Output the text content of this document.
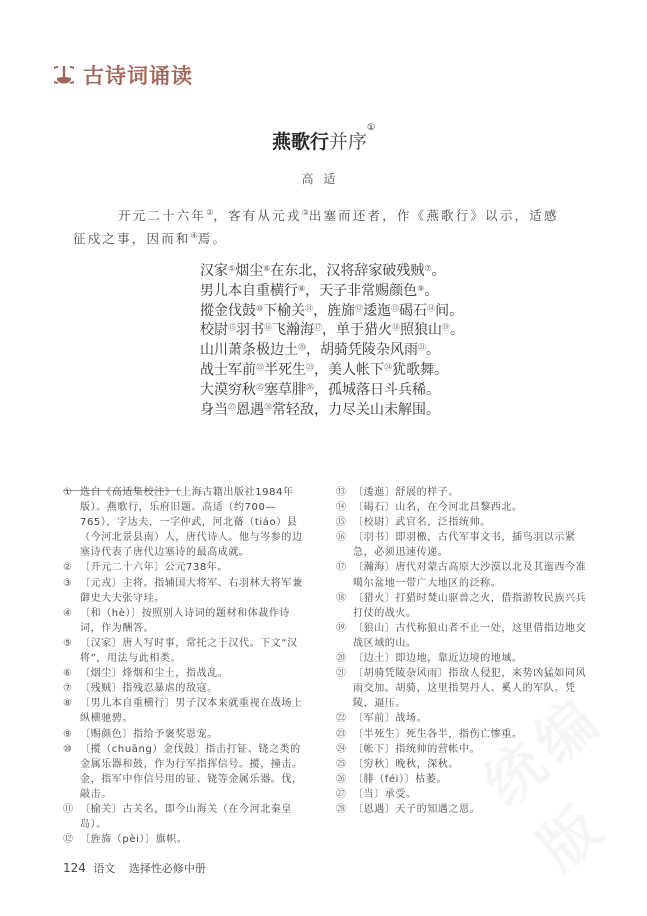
古诗词诵读
燕歌行并序①
高适
开元二十六年②，客有从元戎③出塞而还者，作《燕歌行》以示，适感征戍之事，因而和④焉。
汉家⑤烟尘⑥在东北，汉将辞家破残贼⑦。
男儿本自重横行⑧，天子非常赐颜色⑨。
摐金伐鼓⑩下榆关⑪，旌旆⑫逶迤⑬碣石⑭间。
校尉⑮羽书⑯飞瀚海⑰，单于猎火⑱照狼山⑲。
山川萧条极边土⑳，胡骑凭陵杂风雨$^㉑$。
战士军前$^㉒$半死生$^㉓$，美人帐下$^㉔$犹歌舞。
大漠穷秋$^㉕$塞草腓$^㉖$，孤城落日斗兵稀。
身当$^㉗$恩遇$^㉘$常轻敌，力尽关山未解围。
① 选自《高适集校注》（上海古籍出版社1984年版）。燕歌行，乐府旧题。高适（约700—765），字达夫，一字仲武，河北蓨（tiáo）县（今河北景县南）人，唐代诗人。他与岑参的边塞诗代表了唐代边塞诗的最高成就。
② 〔开元二十六年〕公元738年。
③ 〔元戎〕主将。指辅国大将军、右羽林大将军兼御史大夫张守珪。
④ 〔和（hè）〕按照别人诗词的题材和体裁作诗词，作为酬答。
⑤ 〔汉家〕唐人写时事，常托之于汉代。下文“汉将”，用法与此相类。
⑥ 〔烟尘〕烽烟和尘土，指战乱。
⑦ 〔残贼〕指残忍暴虐的敌寇。
⑧ 〔男儿本自重横行〕男子汉本来就重视在战场上纵横驰骋。
⑨ 〔赐颜色〕指给予褒奖恩宠。
⑩ 〔摐（chuāng）金伐鼓〕指击打钲、铙之类的金属乐器和鼓，作为行军指挥信号。摐，撞击。金，指军中作信号用的钲、铙等金属乐器。伐，敲击。
⑪ 〔榆关〕古关名，即今山海关（在今河北秦皇岛）。
⑫ 〔旌旆（pèi）〕旗帜。
⑬ 〔逶迤〕舒展的样子。
⑭ 〔碣石〕山名，在今河北昌黎西北。
⑮ 〔校尉〕武官名，泛指统帅。
⑯ 〔羽书〕即羽檄，古代军事文书，插鸟羽以示紧急，必须迅速传递。
⑰ 〔瀚海〕唐代对蒙古高原大沙漠以北及其迤西今准噶尔盆地一带广大地区的泛称。
⑱ 〔猎火〕打猎时焚山驱兽之火，借指游牧民族兴兵打仗的战火。
⑲ 〔狼山〕古代称狼山者不止一处，这里借指边地交战区域的山。
⑳ 〔边土〕即边地，靠近边境的地域。
㉑ 〔胡骑凭陵杂风雨〕指敌人侵犯，来势凶猛如同风雨交加。胡骑，这里指契丹人、奚人的军队。凭陵，逼压。
㉒ 〔军前〕战场。
㉓ 〔半死生〕死生各半，指伤亡惨重。
㉔ 〔帐下〕指统帅的营帐中。
㉕ 〔穷秋〕晚秋，深秋。
㉖ 〔腓（féi）〕枯萎。
㉗ 〔当〕承受。
㉘ 〔恩遇〕天子的知遇之恩。
124 语文 选择性必修中册
